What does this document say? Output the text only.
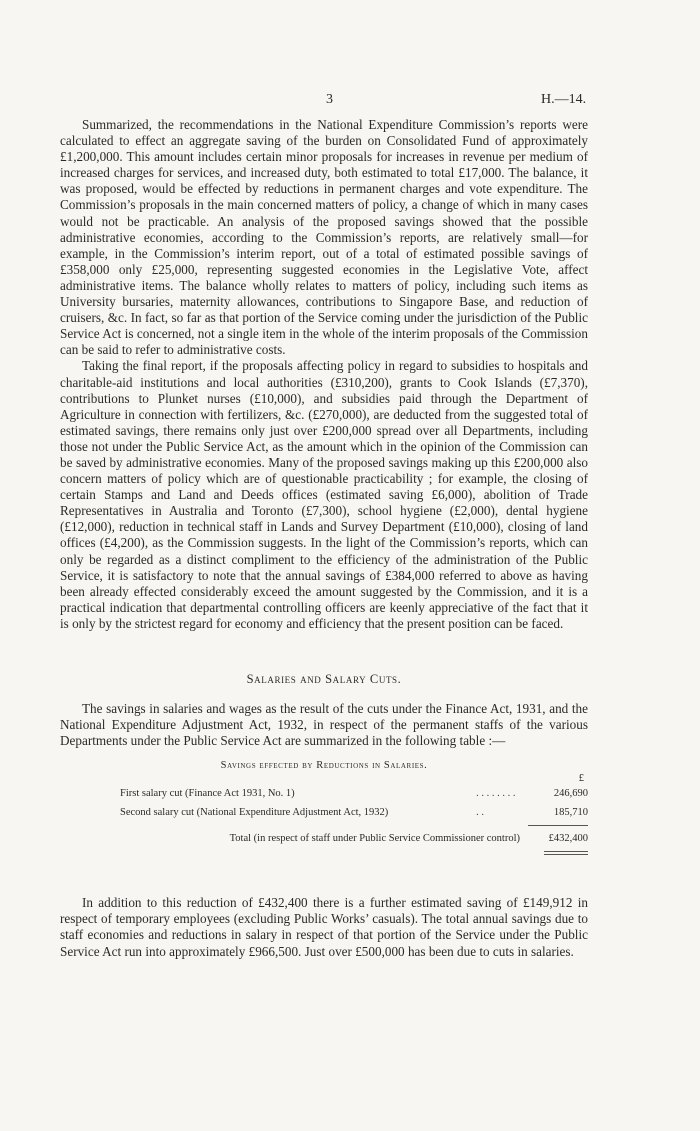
3	H.—14.

Summarized, the recommendations in the National Expenditure Commission’s reports were calculated to effect an aggregate saving of the burden on Consolidated Fund of approximately £1,200,000. This amount includes certain minor proposals for increases in revenue per medium of increased charges for services, and increased duty, both estimated to total £17,000. The balance, it was proposed, would be effected by reductions in permanent charges and vote expenditure. The Commission’s proposals in the main concerned matters of policy, a change of which in many cases would not be practicable. An analysis of the proposed savings showed that the possible administrative economies, according to the Commission’s reports, are relatively small—for example, in the Commission’s interim report, out of a total of estimated possible savings of £358,000 only £25,000, representing suggested economies in the Legislative Vote, affect administrative items. The balance wholly relates to matters of policy, including such items as University bursaries, maternity allowances, contributions to Singapore Base, and reduction of cruisers, &c. In fact, so far as that portion of the Service coming under the jurisdiction of the Public Service Act is concerned, not a single item in the whole of the interim proposals of the Commission can be said to refer to administrative costs.

Taking the final report, if the proposals affecting policy in regard to subsidies to hospitals and charitable-aid institutions and local authorities (£310,200), grants to Cook Islands (£7,370), contributions to Plunket nurses (£10,000), and subsidies paid through the Department of Agriculture in connection with fertilizers, &c. (£270,000), are deducted from the suggested total of estimated savings, there remains only just over £200,000 spread over all Departments, including those not under the Public Service Act, as the amount which in the opinion of the Commission can be saved by administrative economies. Many of the proposed savings making up this £200,000 also concern matters of policy which are of questionable practicability ; for example, the closing of certain Stamps and Land and Deeds offices (estimated saving £6,000), abolition of Trade Representatives in Australia and Toronto (£7,300), school hygiene (£2,000), dental hygiene (£12,000), reduction in technical staff in Lands and Survey Department (£10,000), closing of land offices (£4,200), as the Commission suggests. In the light of the Commission’s reports, which can only be regarded as a distinct compliment to the efficiency of the administration of the Public Service, it is satisfactory to note that the annual savings of £384,000 referred to above as having been already effected considerably exceed the amount suggested by the Commission, and it is a practical indication that departmental controlling officers are keenly appreciative of the fact that it is only by the strictest regard for economy and efficiency that the present position can be faced.

Salaries and Salary Cuts.

The savings in salaries and wages as the result of the cuts under the Finance Act, 1931, and the National Expenditure Adjustment Act, 1932, in respect of the permanent staffs of the various Departments under the Public Service Act are summarized in the following table :—

Savings effected by Reductions in Salaries.
£
First salary cut (Finance Act 1931, No. 1)	. . . . . . . .	246,690
Second salary cut (National Expenditure Adjustment Act, 1932)	. .	185,710

Total (in respect of staff under Public Service Commissioner control)		£432,400

In addition to this reduction of £432,400 there is a further estimated saving of £149,912 in respect of temporary employees (excluding Public Works’ casuals). The total annual savings due to staff economies and reductions in salary in respect of that portion of the Service under the Public Service Act run into approximately £966,500. Just over £500,000 has been due to cuts in salaries.
